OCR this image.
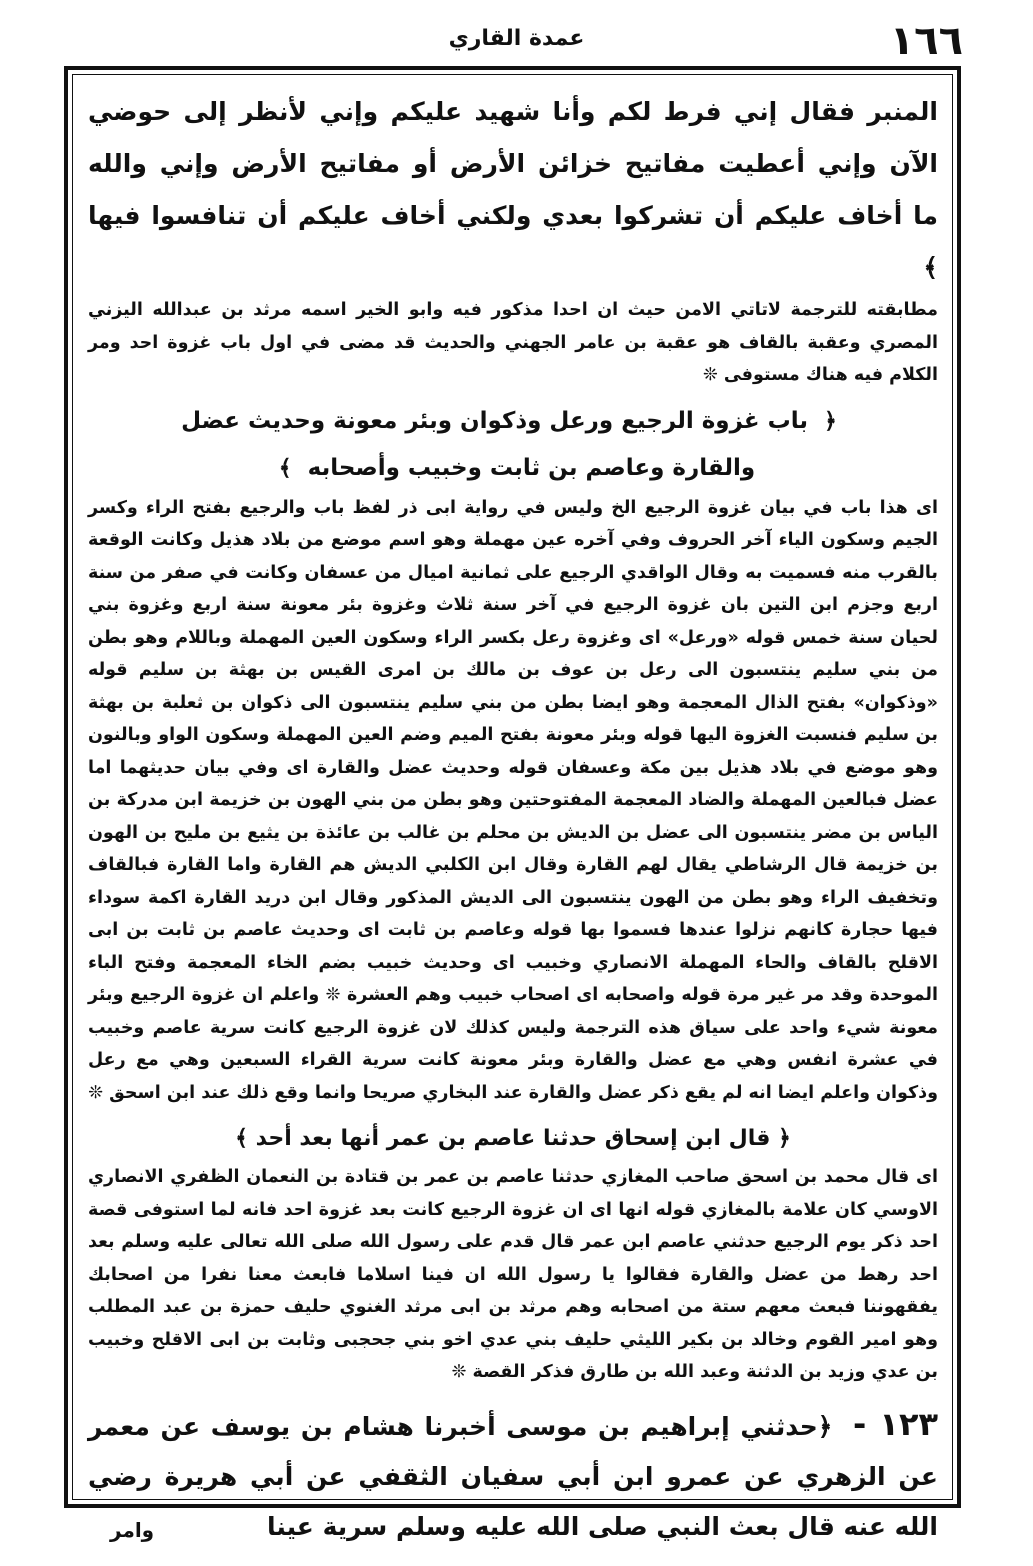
١٦٦
عمدة القاري

المنبر فقال إني فرط لكم وأنا شهيد عليكم وإني لأنظر إلى حوضي الآن وإني أعطيت مفاتيح خزائن الأرض أو مفاتيح الأرض وإني والله ما أخاف عليكم أن تشركوا بعدي ولكني أخاف عليكم أن تنافسوا فيها ﴾

مطابقته للترجمة لاتاتي الامن حيث ان احدا مذكور فيه وابو الخير اسمه مرثد بن عبدالله اليزني المصري وعقبة بالقاف هو عقبة بن عامر الجهني والحديث قد مضى في اول باب غزوة احد ومر الكلام فيه هناك مستوفى ❊

﴿ باب غزوة الرجيع ورعل وذكوان وبئر معونة وحديث عضل
والقارة وعاصم بن ثابت وخبيب وأصحابه ﴾

اى هذا باب في بيان غزوة الرجيع الخ وليس في رواية ابى ذر لفظ باب والرجيع بفتح الراء وكسر الجيم وسكون الياء آخر الحروف وفي آخره عين مهملة وهو اسم موضع من بلاد هذيل وكانت الوقعة بالقرب منه فسميت به وقال الواقدي الرجيع على ثمانية اميال من عسفان وكانت في صفر من سنة اربع وجزم ابن التين بان غزوة الرجيع في آخر سنة ثلاث وغزوة بئر معونة سنة اربع وغزوة بني لحيان سنة خمس قوله «ورعل» اى وغزوة رعل بكسر الراء وسكون العين المهملة وباللام وهو بطن من بني سليم ينتسبون الى رعل بن عوف بن مالك بن امرى القيس بن بهثة بن سليم قوله «وذكوان» بفتح الذال المعجمة وهو ايضا بطن من بني سليم ينتسبون الى ذكوان بن ثعلبة بن بهثة بن سليم فنسبت الغزوة اليها قوله وبئر معونة بفتح الميم وضم العين المهملة وسكون الواو وبالنون وهو موضع في بلاد هذيل بين مكة وعسفان قوله وحديث عضل والقارة اى وفي بيان حديثهما اما عضل فبالعين المهملة والضاد المعجمة المفتوحتين وهو بطن من بني الهون بن خزيمة ابن مدركة بن الياس بن مضر ينتسبون الى عضل بن الديش بن محلم بن غالب بن عائذة بن يثيع بن مليح بن الهون بن خزيمة قال الرشاطي يقال لهم القارة وقال ابن الكلبي الديش هم القارة واما القارة فبالقاف وتخفيف الراء وهو بطن من الهون ينتسبون الى الديش المذكور وقال ابن دريد القارة اكمة سوداء فيها حجارة كانهم نزلوا عندها فسموا بها قوله وعاصم بن ثابت اى وحديث عاصم بن ثابت بن ابى الاقلح بالقاف والحاء المهملة الانصاري وخبيب اى وحديث خبيب بضم الخاء المعجمة وفتح الباء الموحدة وقد مر غير مرة قوله واصحابه اى اصحاب خبيب وهم العشرة ❊ واعلم ان غزوة الرجيع وبئر معونة شيء واحد على سياق هذه الترجمة وليس كذلك لان غزوة الرجيع كانت سرية عاصم وخبيب في عشرة انفس وهي مع عضل والقارة وبئر معونة كانت سرية القراء السبعين وهي مع رعل وذكوان واعلم ايضا انه لم يقع ذكر عضل والقارة عند البخاري صريحا وانما وقع ذلك عند ابن اسحق ❊

﴿ قال ابن إسحاق حدثنا عاصم بن عمر أنها بعد أحد ﴾

اى قال محمد بن اسحق صاحب المغازي حدثنا عاصم بن عمر بن قتادة بن النعمان الظفري الانصاري الاوسي كان علامة بالمغازي قوله انها اى ان غزوة الرجيع كانت بعد غزوة احد فانه لما استوفى قصة احد ذكر يوم الرجيع حدثني عاصم ابن عمر قال قدم على رسول الله صلى الله تعالى عليه وسلم بعد احد رهط من عضل والقارة فقالوا يا رسول الله ان فينا اسلاما فابعث معنا نفرا من اصحابك يفقهوننا فبعث معهم ستة من اصحابه وهم مرثد بن ابى مرثد الغنوي حليف حمزة بن عبد المطلب وهو امير القوم وخالد بن بكير الليثي حليف بني عدي اخو بني جحجبى وثابت بن ابى الاقلح وخبيب بن عدي وزيد بن الدثنة وعبد الله بن طارق فذكر القصة ❊

١٢٣ - ﴿حدثني إبراهيم بن موسى أخبرنا هشام بن يوسف عن معمر عن الزهري عن عمرو ابن أبي سفيان الثقفي عن أبي هريرة رضي الله عنه قال بعث النبي صلى الله عليه وسلم سرية عينا

وامر
